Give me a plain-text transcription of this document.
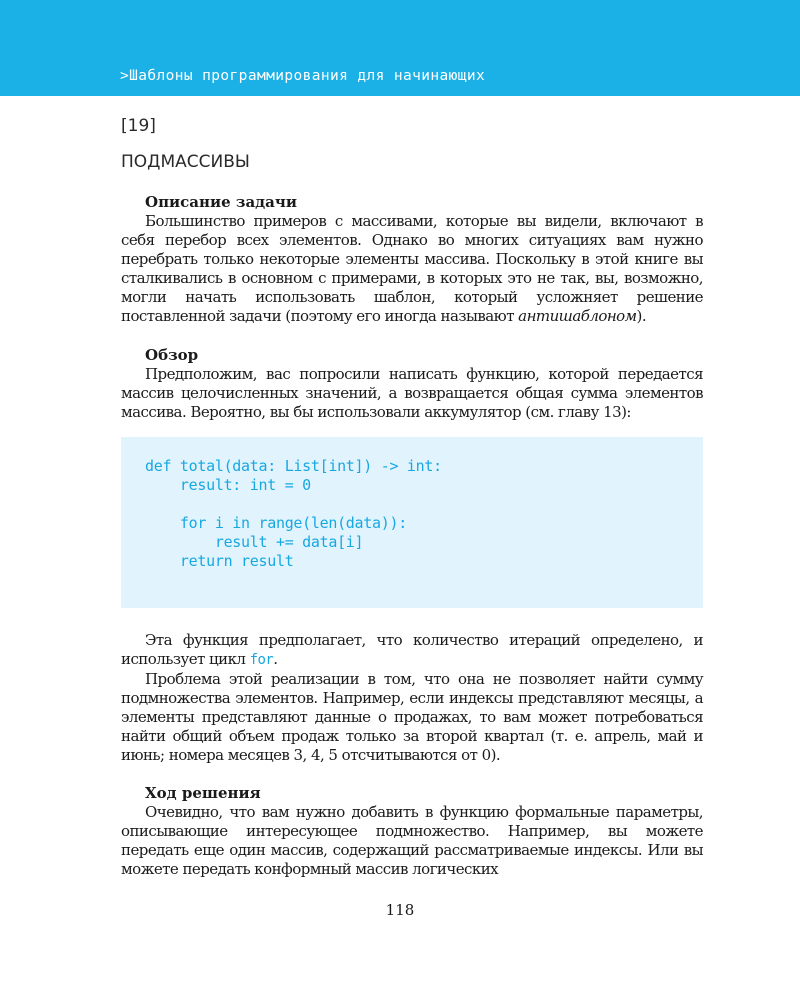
>Шаблоны программирования для начинающих
[19]
ПОДМАССИВЫ

Описание задачи

Большинство примеров с массивами, которые вы видели, включают в себя перебор всех элементов. Однако во многих ситуациях вам нужно перебрать только некоторые элементы массива. Поскольку в этой книге вы сталкивались в основном с примерами, в которых это не так, вы, возможно, могли начать использовать шаблон, который усложняет решение поставленной задачи (поэтому его иногда называют антишаблоном).

Обзор

Предположим, вас попросили написать функцию, которой передается массив целочисленных значений, а возвращается общая сумма элементов массива. Вероятно, вы бы использовали аккумулятор (см. главу 13):

Эта функция предполагает, что количество итераций определено, и использует цикл for.

Проблема этой реализации в том, что она не позволяет найти сумму подмножества элементов. Например, если индексы представляют месяцы, а элементы представляют данные о продажах, то вам может потребоваться найти общий объем продаж только за второй квартал (т. е. апрель, май и июнь; номера месяцев 3, 4, 5 отсчитываются от 0).

Ход решения

Очевидно, что вам нужно добавить в функцию формальные параметры, описывающие интересующее подмножество. Например, вы можете передать еще один массив, содержащий рассматриваемые индексы. Или вы можете передать конформный массив логических

def total(data: List[int]) -> int:
result: int = 0
for i in range(len(data)):
result += data[i]
return result
118
